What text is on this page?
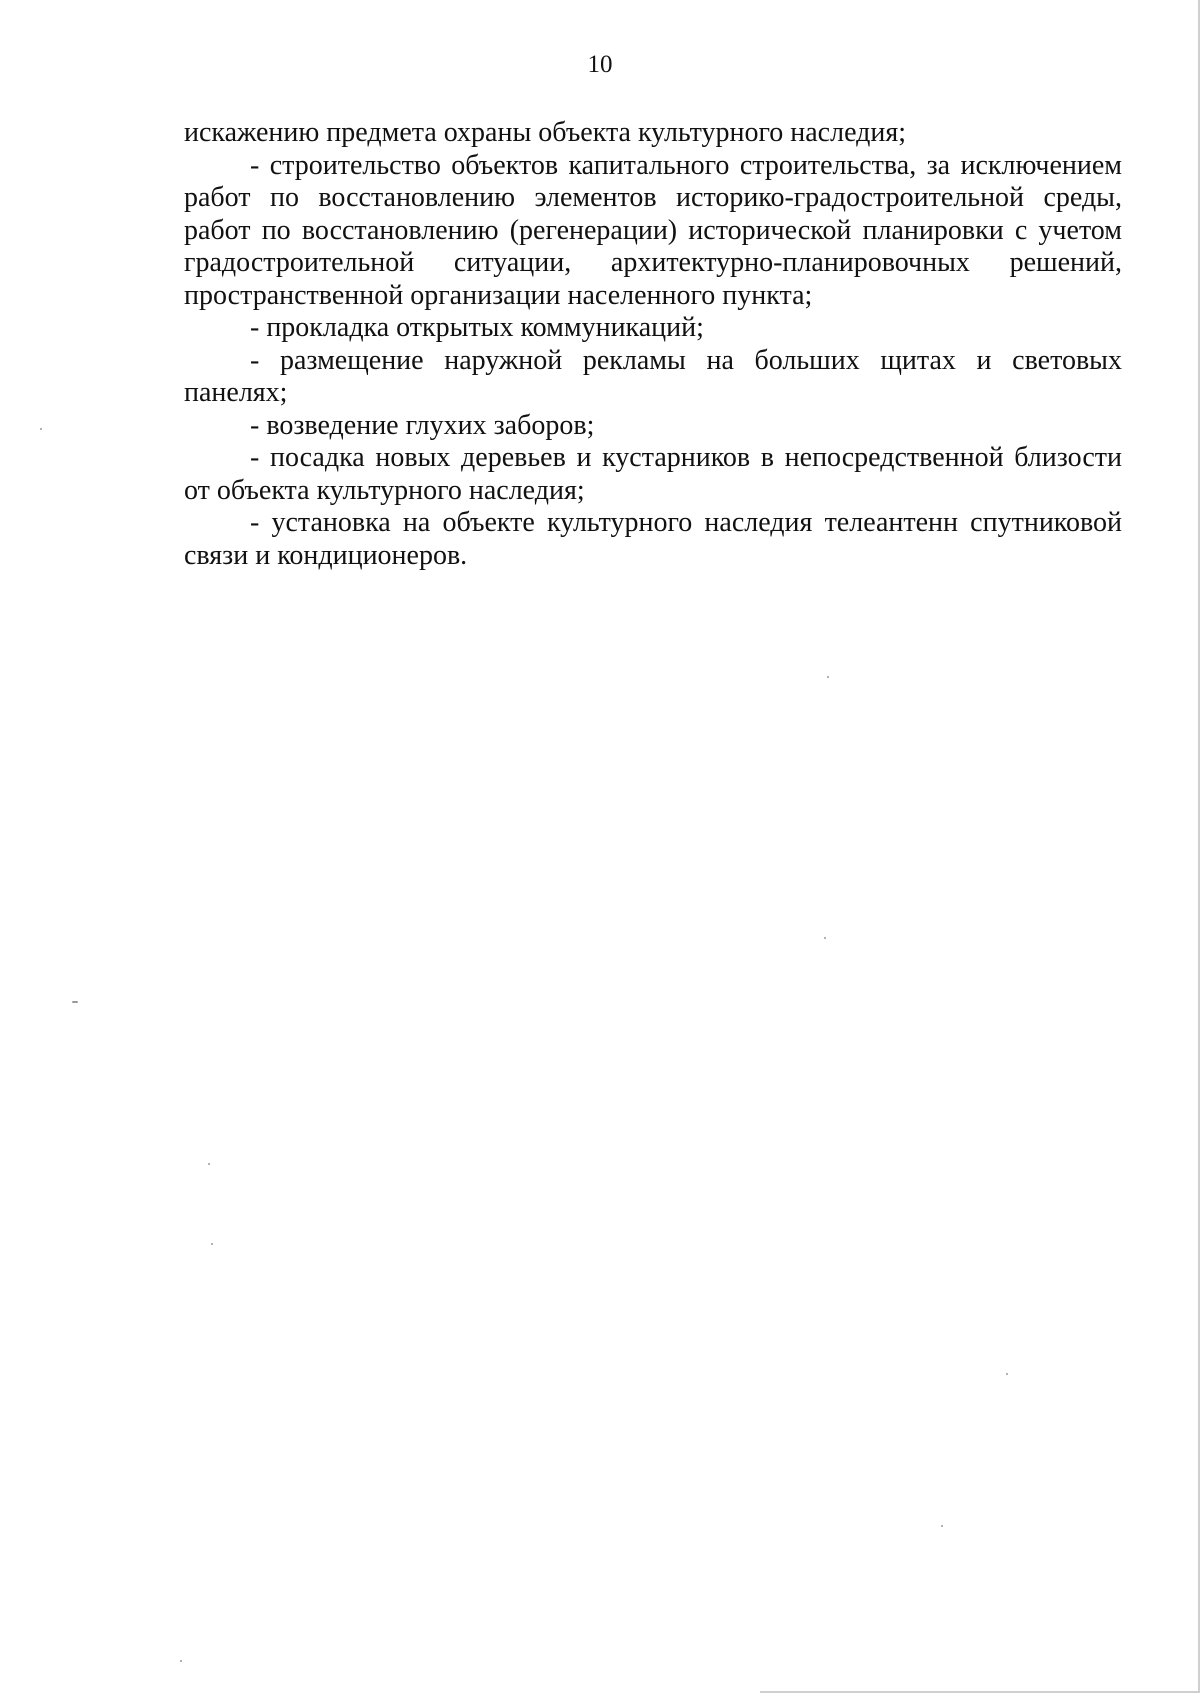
10

искажению предмета охраны объекта культурного наследия;

- строительство объектов капитального строительства, за исключением работ по восстановлению элементов историко-градостроительной среды, работ по восстановлению (регенерации) исторической планировки с учетом градостроительной ситуации, архитектурно-планировочных решений, пространственной организации населенного пункта;

- прокладка открытых коммуникаций;

- размещение наружной рекламы на больших щитах и световых панелях;

- возведение глухих заборов;

- посадка новых деревьев и кустарников в непосредственной близости от объекта культурного наследия;

- установка на объекте культурного наследия телеантенн спутниковой связи и кондиционеров.
